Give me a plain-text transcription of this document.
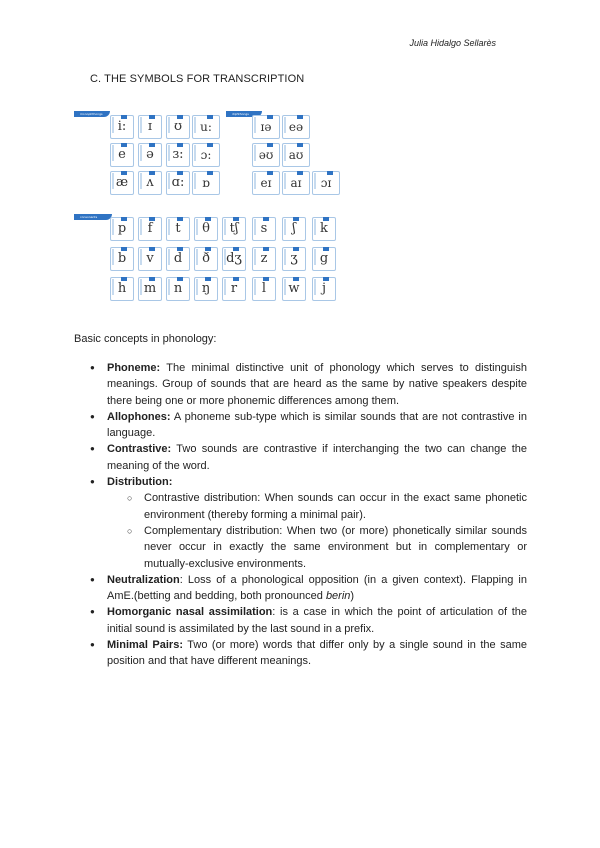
Julia Hidalgo Sellarès
C. THE SYMBOLS FOR TRANSCRIPTION
monophthongs	diphthongs
consonants
i:	ɪ	ʊ	u:
e	ə	ɜ:	ɔ:
æ	ʌ	ɑ:	ɒ
ɪə	eə
əʊ	aʊ
eɪ	aɪ	ɔɪ
p	f	t	θ	tʃ	s	ʃ	k
b	v	d	ð	dʒ	z	ʒ	g
h	m	n	ŋ	r	l	w	j
Basic concepts in phonology:
● Phoneme: The minimal distinctive unit of phonology which serves to distinguish meanings. Group of sounds that are heard as the same by native speakers despite there being one or more phonemic differences among them.
● Allophones: A phoneme sub-type which is similar sounds that are not contrastive in language.
● Contrastive: Two sounds are contrastive if interchanging the two can change the meaning of the word.
● Distribution:
○ Contrastive distribution: When sounds can occur in the exact same phonetic environment (thereby forming a minimal pair).
○ Complementary distribution: When two (or more) phonetically similar sounds never occur in exactly the same environment but in complementary or mutually-exclusive environments.
● Neutralization: Loss of a phonological opposition (in a given context). Flapping in AmE.(betting and bedding, both pronounced berin)
● Homorganic nasal assimilation: is a case in which the point of articulation of the initial sound is assimilated by the last sound in a prefix.
● Minimal Pairs: Two (or more) words that differ only by a single sound in the same position and that have different meanings.
